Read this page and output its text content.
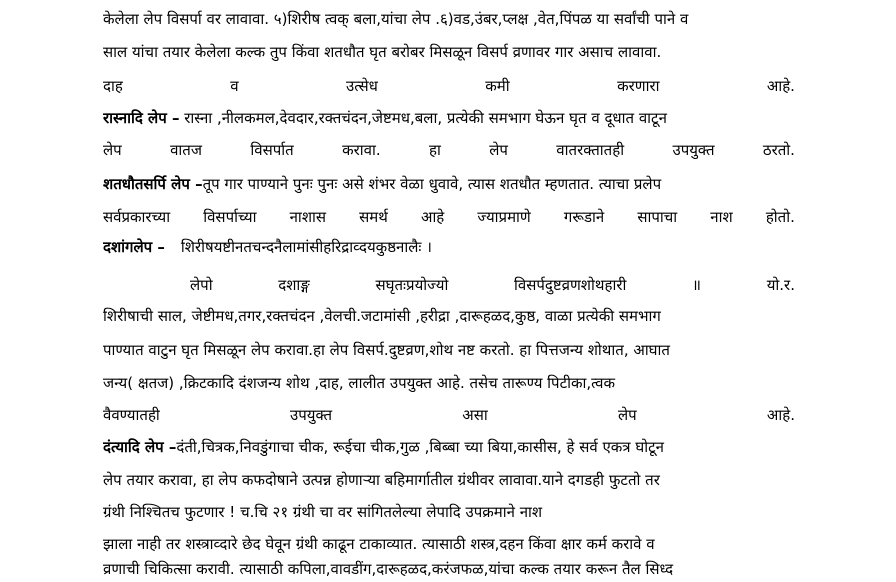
केलेला लेप विसर्पा वर लावावा. ५)शिरीष त्वक् बला,यांचा लेप .६)वड,उंबर,प्लक्ष ,वेत,पिंपळ या सर्वांची पाने व
साल यांचा तयार केलेला कल्क तुप किंवा शतधौत घृत बरोबर मिसळून विसर्प व्रणावर गार असाच लावावा.
दाह	व	उत्सेध	कमी	करणारा	आहे.
रास्नादि लेप – रास्ना ,नीलकमल,देवदार,रक्तचंदन,जेष्टमध,बला, प्रत्येकी समभाग घेऊन घृत व दूधात वाटून
लेप	वातज	विसर्पात	करावा.	हा	लेप	वातरक्तातही	उपयुक्त	ठरतो.
शतधौतसर्पि लेप –तूप गार पाण्याने पुनः पुनः असे शंभर वेळा धुवावे, त्यास शतधौत म्हणतात. त्याचा प्रलेप
सर्वप्रकारच्या विसर्पाच्या नाशास समर्थ आहे ज्याप्रमाणे गरूडाने सापाचा नाश होतो.
दशांगलेप – शिरीषयष्टीनतचन्दनैलामांसीहरिद्राव्दयकुष्ठनालैः ।
लेपो	दशाङ्ग	सघृतःप्रयोज्यो	विसर्पदुष्टव्रणशोथहारी	॥	यो.र.
शिरीषाची साल, जेष्टीमध,तगर,रक्तचंदन ,वेलची.जटामांसी ,हरीद्रा ,दारूहळद,कुष्ठ, वाळा प्रत्येकी समभाग
पाण्यात वाटुन घृत मिसळून लेप करावा.हा लेप विसर्प.दुष्टव्रण,शोथ नष्ट करतो. हा पित्तजन्य शोथात, आघात
जन्य( क्षतज) ,क्रिटकादि दंशजन्य शोथ ,दाह, लालीत उपयुक्त आहे. तसेच तारूण्य पिटीका,त्वक
वैवण्यातही	उपयुक्त	असा	लेप	आहे.
दंत्यादि लेप –दंती,चित्रक,निवडुंगाचा चीक, रूईचा चीक,गुळ ,बिब्बा च्या बिया,कासीस, हे सर्व एकत्र घोटून
लेप तयार करावा, हा लेप कफदोषाने उत्पन्न होणाऱ्या बहिमार्गातील ग्रंथीवर लावावा.याने दगडही फुटतो तर
ग्रंथी निश्चितच फुटणार ! च.चि २१ ग्रंथी चा वर सांगितलेल्या लेपादि उपक्रमाने नाश
झाला नाही तर शस्त्राव्दारे छेद घेवून ग्रंथी काढून टाकाव्यात. त्यासाठी शस्त्र,दहन किंवा क्षार कर्म करावे व
व्रणाची चिकित्सा करावी. त्यासाठी कपिला,वावडींग,दारूहळद,करंजफळ,यांचा कल्क तयार करून तैल सिध्द
